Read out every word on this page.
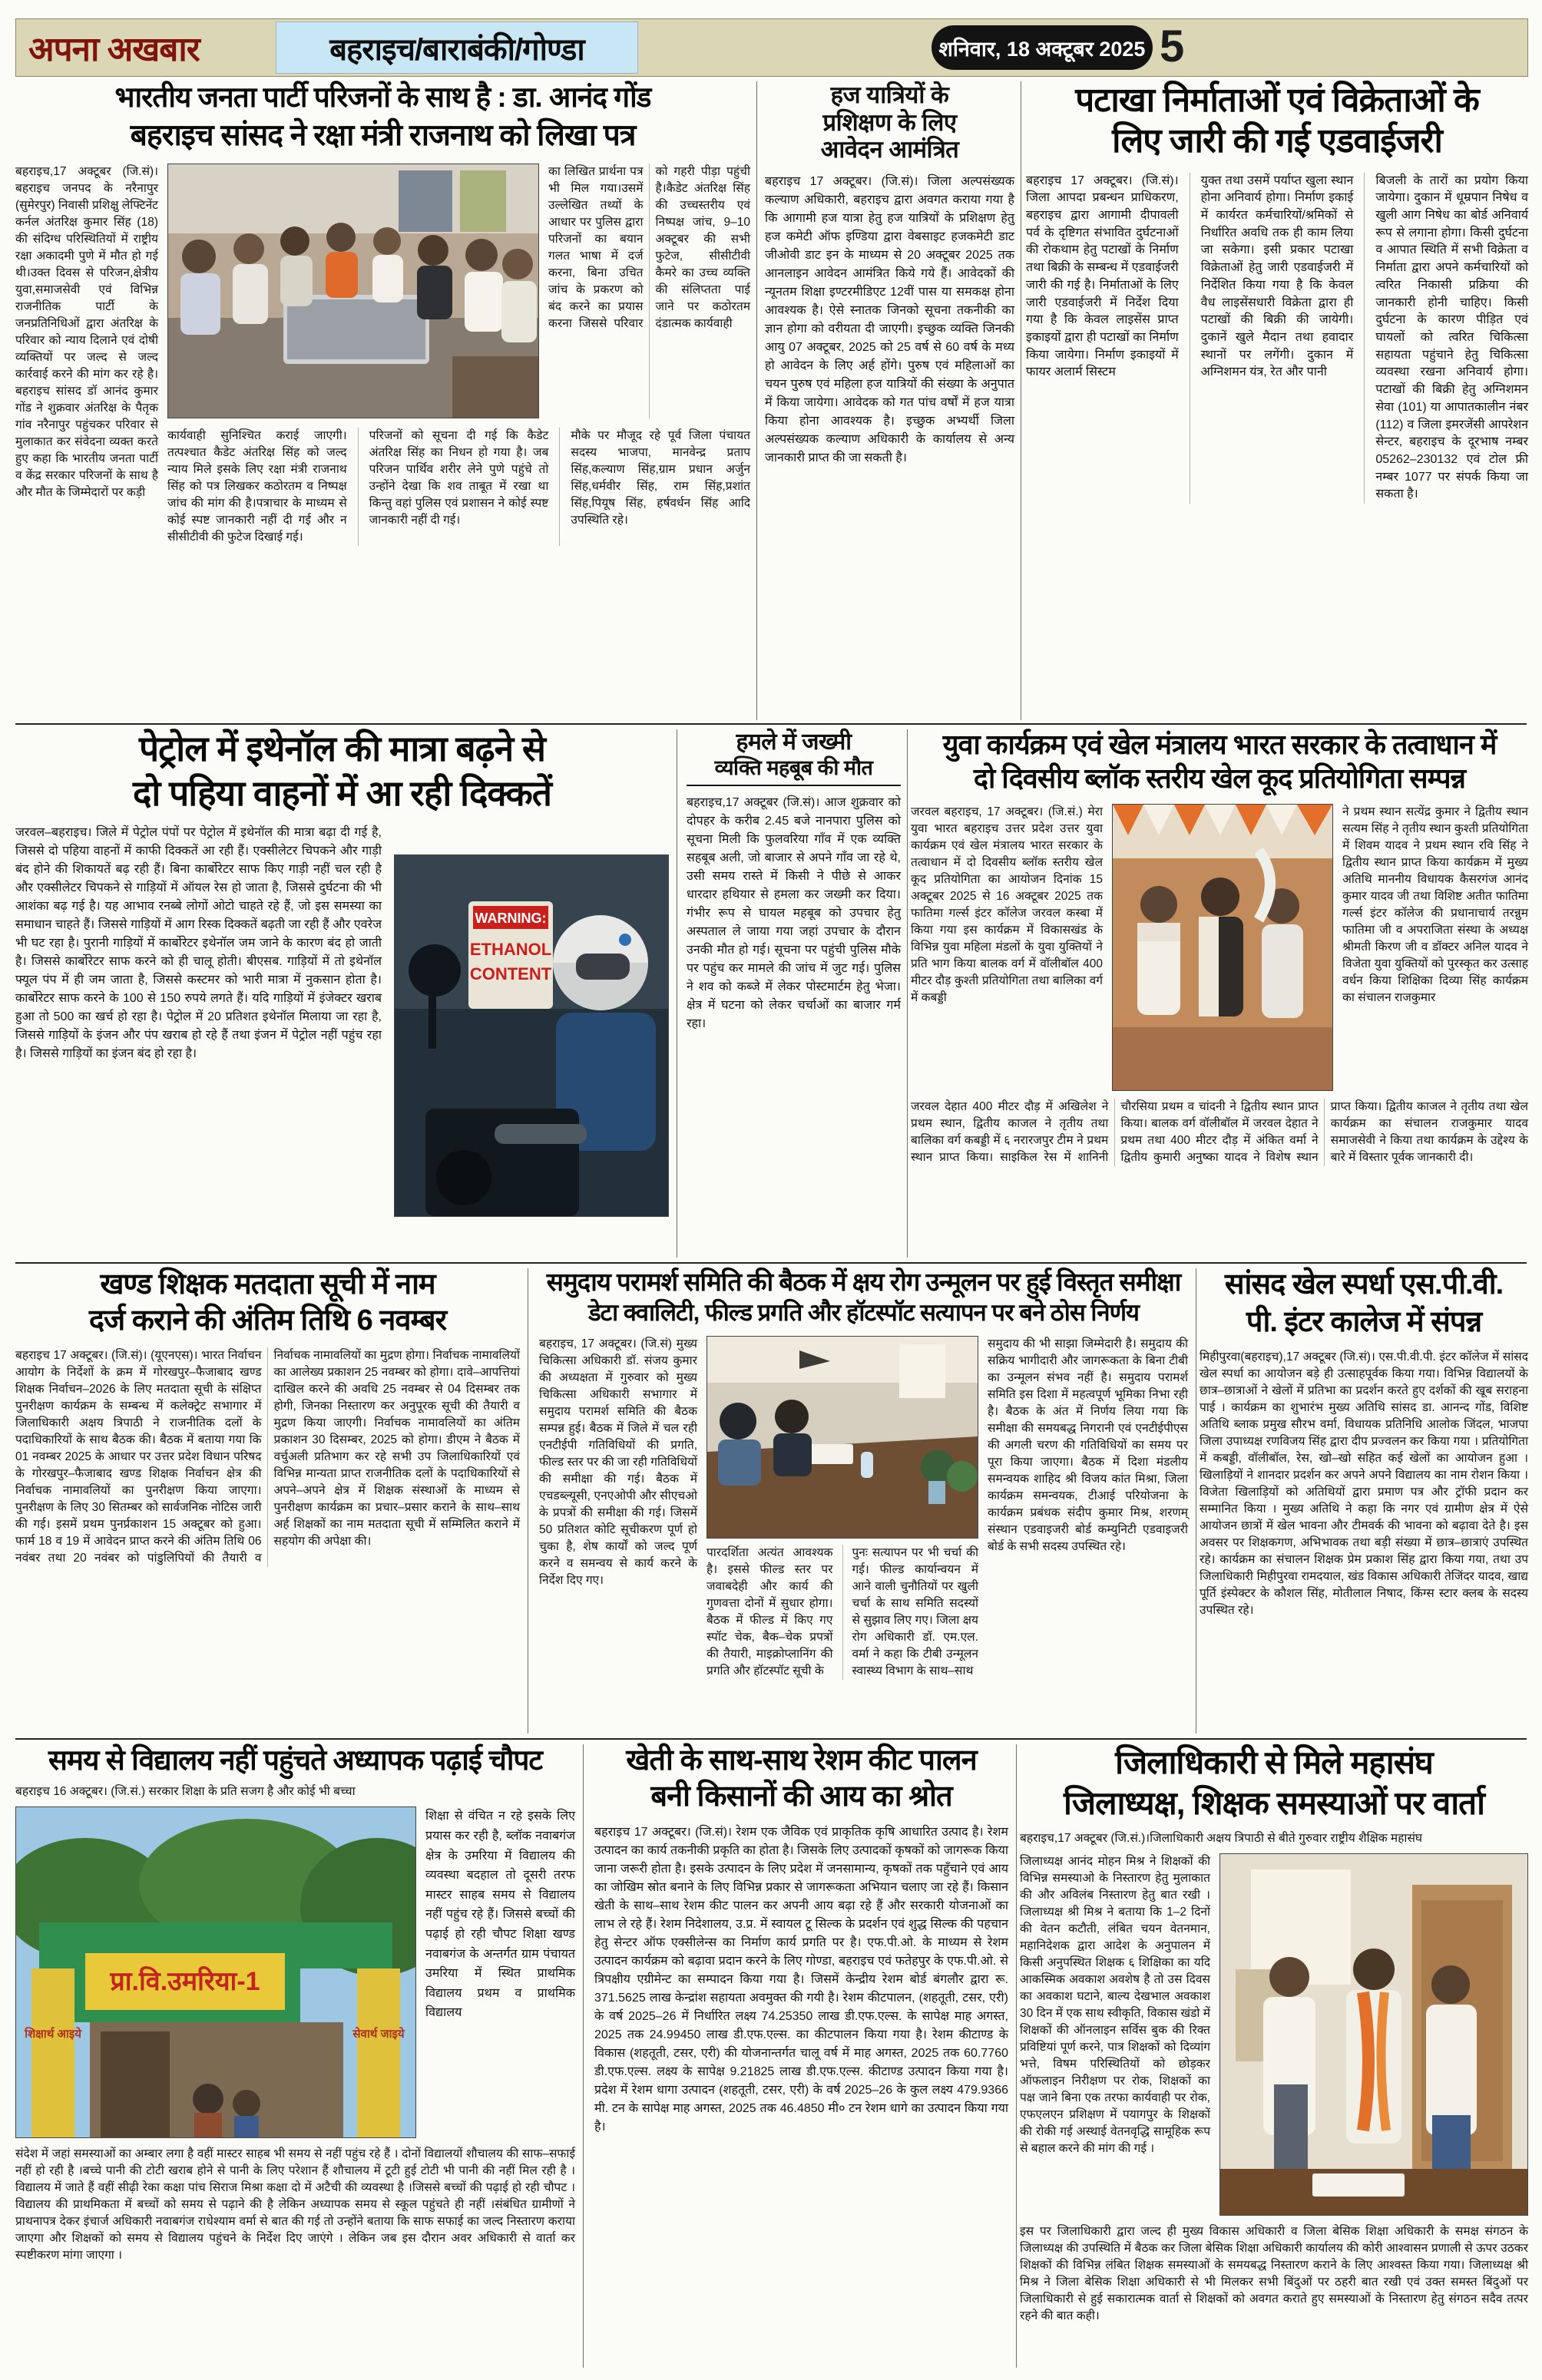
अपना अखबार	बहराइच/बाराबंकी/गोण्डा	शनिवार, 18 अक्टूबर 2025 5
भारतीय जनता पार्टी परिजनों के साथ है : डा. आनंद गोंड
बहराइच सांसद ने रक्षा मंत्री राजनाथ को लिखा पत्र
बहराइच,17 अक्टूबर (जि.सं)। बहराइच जनपद के नरैनापुर (सुमेरपुर) निवासी प्रशिक्षु लेफ्टिनेंट कर्नल अंतरिक्ष कुमार सिंह (18) की संदिग्ध परिस्थितियों में राष्ट्रीय रक्षा अकादमी पुणे में मौत हो गई थी।उक्त दिवस से परिजन,क्षेत्रीय युवा,समाजसेवी एवं विभिन्न राजनीतिक पार्टी के जनप्रतिनिधिओं द्वारा अंतरिक्ष के परिवार को न्याय दिलाने एवं दोषी व्यक्तियों पर जल्द से जल्द कार्रवाई करने की मांग कर रहे है। बहराइच सांसद डॉ आनंद कुमार गोंड ने शुक्रवार अंतरिक्ष के पैतृक गांव नरैनापुर पहुंचकर परिवार से मुलाकात कर संवेदना व्यक्त करते हुए कहा कि भारतीय जनता पार्टी व केंद्र सरकार परिजनों के साथ है और मौत के जिम्मेदारों पर कड़ी
का लिखित प्रार्थना पत्र भी मिल गया।उसमें उल्लेखित तथ्यों के आधार पर पुलिस द्वारा परिजनों का बयान गलत भाषा में दर्ज करना, बिना उचित जांच के प्रकरण को बंद करने का प्रयास करना जिससे परिवार को गहरी पीड़ा पहुंची है।कैडेट अंतरिक्ष सिंह की उच्चस्तरीय एवं निष्पक्ष जांच, 9–10 अक्टूबर की सभी फुटेज, सीसीटीवी कैमरे का उच्च व्यक्ति की संलिप्तता पाई जाने पर कठोरतम दंडात्मक कार्यवाही
कार्यवाही सुनिश्चित कराई जाएगी।तत्पश्चात कैडेट अंतरिक्ष सिंह को जल्द न्याय मिले इसके लिए रक्षा मंत्री राजनाथ सिंह को पत्र लिखकर कठोरतम व निष्पक्ष जांच की मांग की है।पत्राचार के माध्यम से कोई स्पष्ट जानकारी नहीं दी गई और न सीसीटीवी की फुटेज दिखाई गई।
परिजनों को सूचना दी गई कि कैडेट अंतरिक्ष सिंह का निधन हो गया है। जब परिजन पार्थिव शरीर लेने पुणे पहुंचे तो उन्होंने देखा कि शव ताबूत में रखा था किन्तु वहां पुलिस एवं प्रशासन ने कोई स्पष्ट जानकारी नहीं दी गई।
मौके पर मौजूद रहे पूर्व जिला पंचायत सदस्य भाजपा, मानवेन्द्र प्रताप सिंह,कल्याण सिंह,ग्राम प्रधान अर्जुन सिंह,धर्मवीर सिंह, राम सिंह,प्रशांत सिंह,पियूष सिंह, हर्षवर्धन सिंह आदि उपस्थिति रहे।
हज यात्रियों के
प्रशिक्षण के लिए
आवेदन आमंत्रित
बहराइच 17 अक्टूबर। (जि.सं)। जिला अल्पसंख्यक कल्याण अधिकारी, बहराइच द्वारा अवगत कराया गया है कि आगामी हज यात्रा हेतु हज यात्रियों के प्रशिक्षण हेतु हज कमेटी ऑफ इण्डिया द्वारा वेबसाइट हजकमेटी डाट जीओवी डाट इन के माध्यम से 20 अक्टूबर 2025 तक आनलाइन आवेदन आमंत्रित किये गये हैं। आवेदकों की न्यूनतम शिक्षा इण्टरमीडिएट 12वीं पास या समकक्ष होना आवश्यक है। ऐसे स्नातक जिनको सूचना तकनीकी का ज्ञान होगा को वरीयता दी जाएगी। इच्छुक व्यक्ति जिनकी आयु 07 अक्टूबर, 2025 को 25 वर्ष से 60 वर्ष के मध्य हो आवेदन के लिए अर्ह होंगे। पुरुष एवं महिलाओं का चयन पुरुष एवं महिला हज यात्रियों की संख्या के अनुपात में किया जायेगा। आवेदक को गत पांच वर्षों में हज यात्रा किया होना आवश्यक है। इच्छुक अभ्यर्थी जिला अल्पसंख्यक कल्याण अधिकारी के कार्यालय से अन्य जानकारी प्राप्त की जा सकती है।
पटाखा निर्माताओं एवं विक्रेताओं के
लिए जारी की गई एडवाईजरी
बहराइच 17 अक्टूबर। (जि.सं)। जिला आपदा प्रबन्धन प्राधिकरण, बहराइच द्वारा आगामी दीपावली पर्व के दृष्टिगत संभावित दुर्घटनाओं की रोकथाम हेतु पटाखों के निर्माण तथा बिक्री के सम्बन्ध में एडवाईजरी जारी की गई है। निर्माताओं के लिए जारी एडवाईजरी में निर्देश दिया गया है कि केवल लाइसेंस प्राप्त इकाइयों द्वारा ही पटाखों का निर्माण किया जायेगा। निर्माण इकाइयों में फायर अलार्म सिस्टम
युक्त तथा उसमें पर्याप्त खुला स्थान होना अनिवार्य होगा। निर्माण इकाई में कार्यरत कर्मचारियों/श्रमिकों से निर्धारित अवधि तक ही काम लिया जा सकेगा। इसी प्रकार पटाखा विक्रेताओं हेतु जारी एडवाईजरी में निर्देशित किया गया है कि केवल वैध लाइसेंसधारी विक्रेता द्वारा ही पटाखों की बिक्री की जायेगी। दुकानें खुले मैदान तथा हवादार स्थानों पर लगेंगी। दुकान में अग्निशमन यंत्र, रेत और पानी
बिजली के तारों का प्रयोग किया जायेगा। दुकान में धूम्रपान निषेध व खुली आग निषेध का बोर्ड अनिवार्य रूप से लगाना होगा। किसी दुर्घटना व आपात स्थिति में सभी विक्रेता व निर्माता द्वारा अपने कर्मचारियों को त्वरित निकासी प्रक्रिया की जानकारी होनी चाहिए। किसी दुर्घटना के कारण पीड़ित एवं घायलों को त्वरित चिकित्सा सहायता पहुंचाने हेतु चिकित्सा व्यवस्था रखना अनिवार्य होगा। पटाखों की बिक्री हेतु अग्निशमन सेवा (101) या आपातकालीन नंबर (112) व जिला इमरजेंसी आपरेशन सेन्टर, बहराइच के दूरभाष नम्बर 05262–230132 एवं टोल फ्री नम्बर 1077 पर संपर्क किया जा सकता है।
पेट्रोल में इथेनॉल की मात्रा बढ़ने से
दो पहिया वाहनों में आ रही दिक्कतें
WARNING:
ETHANOL
CONTENT
जरवल–बहराइच। जिले में पेट्रोल पंपों पर पेट्रोल में इथेनॉल की मात्रा बढ़ा दी गई है, जिससे दो पहिया वाहनों में काफी दिक्कतें आ रही हैं। एक्सीलेटर चिपकने और गाड़ी बंद होने की शिकायतें बढ़ रही हैं। बिना कार्बोरेटर साफ किए गाड़ी नहीं चल रही है और एक्सीलेटर चिपकने से गाड़ियों में ऑयल रेस हो जाता है, जिससे दुर्घटना की भी आशंका बढ़ गई है। यह आभाव रनब्बे लोगों ओटो चाहते रहे हैं, जो इस समस्या का समाधान चाहते हैं। जिससे गाड़ियों में आग रिस्क दिक्कतें बढ़ती जा रही हैं और एवरेज भी घट रहा है। पुरानी गाड़ियों में कार्बोरेटर इथेनॉल जम जाने के कारण बंद हो जाती है। जिससे कार्बोरेटर साफ करने को ही चालू होती। बीएसब. गाड़ियों में तो इथेनॉल फ्यूल पंप में ही जम जाता है, जिससे कस्टमर को भारी मात्रा में नुकसान होता है। कार्बोरेटर साफ करने के 100 से 150 रुपये लगते हैं। यदि गाड़ियों में इंजेक्टर खराब हुआ तो 500 का खर्च हो रहा है। पेट्रोल में 20 प्रतिशत इथेनॉल मिलाया जा रहा है, जिससे गाड़ियों के इंजन और पंप खराब हो रहे हैं तथा इंजन में पेट्रोल नहीं पहुंच रहा है। जिससे गाड़ियों का इंजन बंद हो रहा है।
हमले में जख्मी
व्यक्ति महबूब की मौत
बहराइच,17 अक्टूबर (जि.सं)। आज शुक्रवार को दोपहर के करीब 2.45 बजे नानपारा पुलिस को सूचना मिली कि फुलवरिया गाँव में एक व्यक्ति सहबूब अली, जो बाजार से अपने गाँव जा रहे थे, उसी समय रास्ते में किसी ने पीछे से आकर धारदार हथियार से हमला कर जख्मी कर दिया। गंभीर रूप से घायल महबूब को उपचार हेतु अस्पताल ले जाया गया जहां उपचार के दौरान उनकी मौत हो गई। सूचना पर पहुंची पुलिस मौके पर पहुंच कर मामले की जांच में जुट गई। पुलिस ने शव को कब्जे में लेकर पोस्टमार्टम हेतु भेजा। क्षेत्र में घटना को लेकर चर्चाओं का बाजार गर्म रहा।
युवा कार्यक्रम एवं खेल मंत्रालय भारत सरकार के तत्वाधान में
दो दिवसीय ब्लॉक स्तरीय खेल कूद प्रतियोगिता सम्पन्न
जरवल बहराइच, 17 अक्टूबर। (जि.सं.) मेरा युवा भारत बहराइच उत्तर प्रदेश उत्तर युवा कार्यक्रम एवं खेल मंत्रालय भारत सरकार के तत्वाधान में दो दिवसीय ब्लॉक स्तरीय खेल कूद प्रतियोगिता का आयोजन दिनांक 15 अक्टूबर 2025 से 16 अक्टूबर 2025 तक फातिमा गर्ल्स इंटर कॉलेज जरवल कस्बा में किया गया इस कार्यक्रम में विकासखंड के विभिन्न युवा महिला मंडलों के युवा युक्तियों ने प्रति भाग किया बालक वर्ग में वॉलीबॉल 400 मीटर दौड़ कुश्ती प्रतियोगिता तथा बालिका वर्ग में कबड्डी
ने प्रथम स्थान सत्येंद्र कुमार ने द्वितीय स्थान सत्यम सिंह ने तृतीय स्थान कुश्ती प्रतियोगिता में शिवम यादव ने प्रथम स्थान रवि सिंह ने द्वितीय स्थान प्राप्त किया कार्यक्रम में मुख्य अतिथि माननीय विधायक कैसरगंज आनंद कुमार यादव जी तथा विशिष्ट अतीत फातिमा गर्ल्स इंटर कॉलेज की प्रधानाचार्य तरन्नुम फातिमा जी व अपराजिता संस्था के अध्यक्ष श्रीमती किरण जी व डॉक्टर अनिल यादव ने विजेता युवा युक्तियों को पुरस्कृत कर उत्साह वर्धन किया शिक्षिका दिव्या सिंह कार्यक्रम का संचालन राजकुमार
जरवल देहात 400 मीटर दौड़ में अखिलेश ने प्रथम स्थान, द्वितीय काजल ने तृतीय तथा बालिका वर्ग कबड्डी में ६ नरारजपुर टीम ने प्रथम स्थान प्राप्त किया। साइकिल रेस में शानिनी चौरसिया प्रथम व चांदनी ने द्वितीय स्थान प्राप्त किया। बालक वर्ग वॉलीबॉल में जरवल देहात ने प्रथम तथा 400 मीटर दौड़ में अंकित वर्मा ने द्वितीय कुमारी अनुष्का यादव ने विशेष स्थान प्राप्त किया। द्वितीय काजल ने तृतीय तथा खेल कार्यक्रम का संचालन राजकुमार यादव समाजसेवी ने किया तथा कार्यक्रम के उद्देश्य के बारे में विस्तार पूर्वक जानकारी दी।
खण्ड शिक्षक मतदाता सूची में नाम
दर्ज कराने की अंतिम तिथि 6 नवम्बर
बहराइच 17 अक्टूबर। (जि.सं)। (यूएनएस)। भारत निर्वाचन आयोग के निर्देशों के क्रम में गोरखपुर–फैजाबाद खण्ड शिक्षक निर्वाचन–2026 के लिए मतदाता सूची के संक्षिप्त पुनरीक्षण कार्यक्रम के सम्बन्ध में कलेक्ट्रेट सभागार में जिलाधिकारी अक्षय त्रिपाठी ने राजनीतिक दलों के पदाधिकारियों के साथ बैठक की। बैठक में बताया गया कि 01 नवम्बर 2025 के आधार पर उत्तर प्रदेश विधान परिषद के गोरखपुर–फैजाबाद खण्ड शिक्षक निर्वाचन क्षेत्र की निर्वाचक नामावलियों का पुनरीक्षण किया जाएगा। पुनरीक्षण के लिए 30 सितम्बर को सार्वजनिक नोटिस जारी की गई। इसमें प्रथम पुनर्प्रकाशन 15 अक्टूबर को हुआ। फार्म 18 व 19 में आवेदन प्राप्त करने की अंतिम तिथि 06 नवंबर तथा 20 नवंबर को पांडुलिपियों की तैयारी व निर्वाचक नामावलियों का मुद्रण होगा। निर्वाचक नामावलियों का आलेख्य प्रकाशन 25 नवम्बर को होगा। दावे–आपत्तियां दाखिल करने की अवधि 25 नवम्बर से 04 दिसम्बर तक होगी, जिनका निस्तारण कर अनुपूरक सूची की तैयारी व मुद्रण किया जाएगी। निर्वाचक नामावलियों का अंतिम प्रकाशन 30 दिसम्बर, 2025 को होगा। डीएम ने बैठक में वर्चुअली प्रतिभाग कर रहे सभी उप जिलाधिकारियों एवं विभिन्न मान्यता प्राप्त राजनीतिक दलों के पदाधिकारियों से अपने–अपने क्षेत्र में शिक्षक संस्थाओं के माध्यम से पुनरीक्षण कार्यक्रम का प्रचार–प्रसार कराने के साथ–साथ अर्ह शिक्षकों का नाम मतदाता सूची में सम्मिलित कराने में सहयोग की अपेक्षा की।
समुदाय परामर्श समिति की बैठक में क्षय रोग उन्मूलन पर हुई विस्तृत समीक्षा
डेटा क्वालिटी, फील्ड प्रगति और हॉटस्पॉट सत्यापन पर बने ठोस निर्णय
बहराइच, 17 अक्टूबर। (जि.सं) मुख्य चिकित्सा अधिकारी डॉ. संजय कुमार की अध्यक्षता में गुरुवार को मुख्य चिकित्सा अधिकारी सभागार में समुदाय परामर्श समिति की बैठक सम्पन्न हुई। बैठक में जिले में चल रही एनटीईपी गतिविधियों की प्रगति, फील्ड स्तर पर की जा रही गतिविधियों की समीक्षा की गई। बैठक में एचडब्ल्यूसी, एनएओपी और सीएचओ के प्रपत्रों की समीक्षा की गई। जिसमें 50 प्रतिशत कोटि सूचीकरण पूर्ण हो चुका है, शेष कार्यों को जल्द पूर्ण करने व समन्वय से कार्य करने के निर्देश दिए गए।
पारदर्शिता अत्यंत आवश्यक है। इससे फील्ड स्तर पर जवाबदेही और कार्य की गुणवत्ता दोनों में सुधार होगा। बैठक में फील्ड में किए गए स्पॉट चेक, बैक–चेक प्रपत्रों की तैयारी, माइक्रोप्लानिंग की प्रगति और हॉटस्पॉट सूची के
पुनः सत्यापन पर भी चर्चा की गई। फील्ड कार्यान्वयन में आने वाली चुनौतियों पर खुली चर्चा के साथ समिति सदस्यों से सुझाव लिए गए। जिला क्षय रोग अधिकारी डॉ. एम.एल. वर्मा ने कहा कि टीबी उन्मूलन स्वास्थ्य विभाग के साथ–साथ
समुदाय की भी साझा जिम्मेदारी है। समुदाय की सक्रिय भागीदारी और जागरूकता के बिना टीबी का उन्मूलन संभव नहीं है। समुदाय परामर्श समिति इस दिशा में महत्वपूर्ण भूमिका निभा रही है। बैठक के अंत में निर्णय लिया गया कि समीक्षा की समयबद्ध निगरानी एवं एनटीईपीएस की अगली चरण की गतिविधियों का समय पर पूरा किया जाएगा। बैठक में दिशा मंडलीय समन्वयक शाहिद श्री विजय कांत मिश्रा, जिला कार्यक्रम समन्वयक, टीआई परियोजना के कार्यक्रम प्रबंधक संदीप कुमार मिश्र, शरणम् संस्थान एडवाइजरी बोर्ड कम्युनिटी एडवाइजरी बोर्ड के सभी सदस्य उपस्थित रहे।
सांसद खेल स्पर्धा एस.पी.वी.
पी. इंटर कालेज में संपन्न
मिहीपुरवा(बहराइच),17 अक्टूबर (जि.सं)। एस.पी.वी.पी. इंटर कॉलेज में सांसद खेल स्पर्धा का आयोजन बड़े ही उत्साहपूर्वक किया गया। विभिन्न विद्यालयों के छात्र–छात्राओं ने खेलों में प्रतिभा का प्रदर्शन करते हुए दर्शकों की खूब सराहना पाई । कार्यक्रम का शुभारंभ मुख्य अतिथि सांसद डा. आनन्द गोंड, विशिष्ट अतिथि ब्लाक प्रमुख सौरभ वर्मा, विधायक प्रतिनिधि आलोक जिंदल, भाजपा जिला उपाध्यक्ष रणविजय सिंह द्वारा दीप प्रज्वलन कर किया गया । प्रतियोगिता में कबड्डी, वॉलीबॉल, रेस, खो–खो सहित कई खेलों का आयोजन हुआ । खिलाड़ियों ने शानदार प्रदर्शन कर अपने अपने विद्यालय का नाम रोशन किया । विजेता खिलाड़ियों को अतिथियों द्वारा प्रमाण पत्र और ट्रॉफी प्रदान कर सम्मानित किया । मुख्य अतिथि ने कहा कि नगर एवं ग्रामीण क्षेत्र में ऐसे आयोजन छात्रों में खेल भावना और टीमवर्क की भावना को बढ़ावा देते है। इस अवसर पर शिक्षकगण, अभिभावक तथा बड़ी संख्या में छात्र–छात्राएं उपस्थित रहे। कार्यक्रम का संचालन शिक्षक प्रेम प्रकाश सिंह द्वारा किया गया, तथा उप जिलाधिकारी मिहीपुरवा रामदयाल, खंड विकास अधिकारी तेजिंदर यादव, खाद्य पूर्ति इंस्पेक्टर के कौशल सिंह, मोतीलाल निषाद, किंग्स स्टार क्लब के सदस्य उपस्थित रहे।
समय से विद्यालय नहीं पहुंचते अध्यापक पढ़ाई चौपट
बहराइच 16 अक्टूबर। (जि.सं.) सरकार शिक्षा के प्रति सजग है और कोई भी बच्चा
प्रा.वि.उमरिया-1
शिक्षार्थ आइये	सेवार्थ जाइये
शिक्षा से वंचित न रहे इसके लिए प्रयास कर रही है, ब्लॉक नवाबगंज क्षेत्र के उमरिया में विद्यालय की व्यवस्था बदहाल तो दूसरी तरफ मास्टर साहब समय से विद्यालय नहीं पहुंच रहे हैं। जिससे बच्चों की पढ़ाई हो रही चौपट शिक्षा खण्ड नवाबगंज के अन्तर्गत ग्राम पंचायत उमरिया में स्थित प्राथमिक विद्यालय प्रथम व प्राथमिक विद्यालय
संदेश में जहां समस्याओं का अम्बार लगा है वहीं मास्टर साहब भी समय से नहीं पहुंच रहे हैं । दोनों विद्यालयों शौचालय की साफ–सफाई नहीं हो रही है ।बच्चे पानी की टोटी खराब होने से पानी के लिए परेशान हैं शौचालय में टूटी हुई टोटी भी पानी की नहीं मिल रही है ।विद्यालय में जाते हैं वहीं सीढ़ी रेका कक्षा पांच सिराज मिश्रा कक्षा दो में अटैची की व्यवस्था है ।जिससे बच्चों की पढ़ाई हो रही चौपट ।विद्यालय की प्राथमिकता में बच्चों को समय से पढ़ाने की है लेकिन अध्यापक समय से स्कूल पहुंचते ही नहीं ।संबंधित ग्रामीणों ने प्राथनापत्र देकर इंचार्ज अधिकारी नवाबगंज राधेश्याम वर्मा से बात की गई तो उन्होंने बताया कि साफ सफाई का जल्द निस्तारण कराया जाएगा और शिक्षकों को समय से विद्यालय पहुंचने के निर्देश दिए जाएंगे । लेकिन जब इस दौरान अवर अधिकारी से वार्ता कर स्पष्टीकरण मांगा जाएगा ।
खेती के साथ-साथ रेशम कीट पालन
बनी किसानों की आय का श्रोत
बहराइच 17 अक्टूबर। (जि.सं)। रेशम एक जैविक एवं प्राकृतिक कृषि आधारित उत्पाद है। रेशम उत्पादन का कार्य तकनीकी प्रकृति का होता है। जिसके लिए उत्पादकों कृषकों को जागरूक किया जाना जरूरी होता है। इसके उत्पादन के लिए प्रदेश में जनसामान्य, कृषकों तक पहुँचाने एवं आय का जोखिम स्रोत बनाने के लिए विभिन्न प्रकार से जागरूकता अभियान चलाए जा रहे हैं। किसान खेती के साथ–साथ रेशम कीट पालन कर अपनी आय बढ़ा रहे हैं और सरकारी योजनाओं का लाभ ले रहे हैं। रेशम निदेशालय, उ.प्र. में स्वायल टू सिल्क के प्रदर्शन एवं शुद्ध सिल्क की पहचान हेतु सेन्टर ऑफ एक्सीलेन्स का निर्माण कार्य प्रगति पर है। एफ.पी.ओ. के माध्यम से रेशम उत्पादन कार्यक्रम को बढ़ावा प्रदान करने के लिए गोण्डा, बहराइच एवं फतेहपुर के एफ.पी.ओ. से त्रिपक्षीय एग्रीमेन्ट का सम्पादन किया गया है। जिसमें केन्द्रीय रेशम बोर्ड बंगलौर द्वारा रू. 371.5625 लाख केन्द्रांश सहायता अवमुक्त की गयी है। रेशम कीटपालन, (शहतूती, टसर, एरी) के वर्ष 2025–26 में निर्धारित लक्ष्य 74.25350 लाख डी.एफ.एल्स. के सापेक्ष माह अगस्त, 2025 तक 24.99450 लाख डी.एफ.एल्स. का कीटपालन किया गया है। रेशम कीटाण्ड के विकास (शहतूती, टसर, एरी) की योजनान्तर्गत चालू वर्ष में माह अगस्त, 2025 तक 60.7760 डी.एफ.एल्स. लक्ष्य के सापेक्ष 9.21825 लाख डी.एफ.एल्स. कीटाण्ड उत्पादन किया गया है। प्रदेश में रेशम धागा उत्पादन (शहतूती, टसर, एरी) के वर्ष 2025–26 के कुल लक्ष्य 479.9366 मी. टन के सापेक्ष माह अगस्त, 2025 तक 46.4850 मी० टन रेशम धागे का उत्पादन किया गया है।
जिलाधिकारी से मिले महासंघ
जिलाध्यक्ष, शिक्षक समस्याओं पर वार्ता
बहराइच,17 अक्टूबर (जि.सं.)।जिलाधिकारी अक्षय त्रिपाठी से बीते गुरुवार राष्ट्रीय शैक्षिक महासंघ
जिलाध्यक्ष आनंद मोहन मिश्र ने शिक्षकों की विभिन्न समस्याओ के निस्तारण हेतु मुलाकात की और अविलंब निस्तारण हेतु बात रखी । जिलाध्यक्ष श्री मिश्र ने बताया कि 1–2 दिनों की वेतन कटौती, लंबित चयन वेतनमान, महानिदेशक द्वारा आदेश के अनुपालन में किसी अनुपस्थित शिक्षक ६ शिक्षिका का यदि आकस्मिक अवकाश अवशेष है तो उस दिवस का अवकाश घटाने, बाल्य देखभाल अवकाश 30 दिन में एक साथ स्वीकृति, विकास खंडो में शिक्षकों की ऑनलाइन सर्विस बुक की रिक्त प्रविष्टियां पूर्ण करने, पात्र शिक्षकों को दिव्यांग भत्ते, विषम परिस्थितियों को छोड़कर ऑफलाइन निरीक्षण पर रोक, शिक्षकों का पक्ष जाने बिना एक तरफा कार्यवाही पर रोक, एफएलएन प्रशिक्षण में पयागपुर के शिक्षकों की रोकी गई अस्थाई वेतनवृद्धि सामूहिक रूप से बहाल करने की मांग की गई ।
इस पर जिलाधिकारी द्वारा जल्द ही मुख्य विकास अधिकारी व जिला बेसिक शिक्षा अधिकारी के समक्ष संगठन के जिलाध्यक्ष की उपस्थिति में बैठक कर जिला बेसिक शिक्षा अधिकारी कार्यालय की कोरी आश्वासन प्रणाली से ऊपर उठकर शिक्षकों की विभिन्न लंबित शिक्षक समस्याओं के समयबद्ध निस्तारण कराने के लिए आश्वस्त किया गया। जिलाध्यक्ष श्री मिश्र ने जिला बेसिक शिक्षा अधिकारी से भी मिलकर सभी बिंदुओं पर ठहरी बात रखी एवं उक्त समस्त बिंदुओं पर जिलाधिकारी से हुई सकारात्मक वार्ता से शिक्षकों को अवगत कराते हुए समस्याओं के निस्तारण हेतु संगठन सदैव तत्पर रहने की बात कही।
